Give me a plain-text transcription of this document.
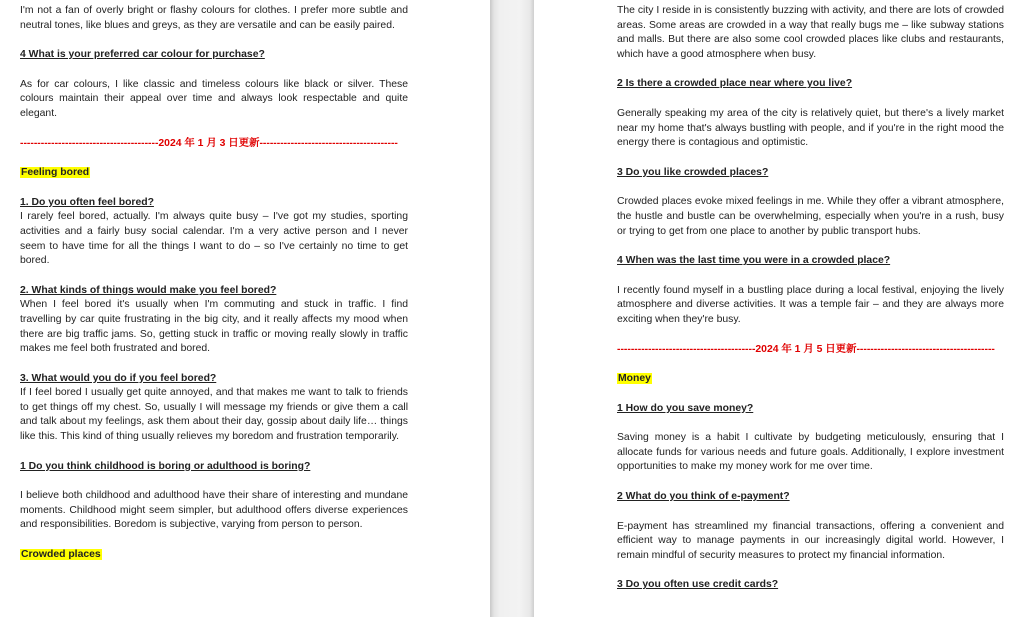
I'm not a fan of overly bright or flashy colours for clothes. I prefer more subtle and neutral tones, like blues and greys, as they are versatile and can be easily paired.

4 What is your preferred car colour for purchase?

As for car colours, I like classic and timeless colours like black or silver. These colours maintain their appeal over time and always look respectable and quite elegant.

----------------------------------------2024 年 1 月 3 日更新----------------------------------------
Feeling bored

1. Do you often feel bored?

I rarely feel bored, actually. I'm always quite busy – I've got my studies, sporting activities and a fairly busy social calendar. I'm a very active person and I never seem to have time for all the things I want to do – so I've certainly no time to get bored.

2. What kinds of things would make you feel bored?

When I feel bored it's usually when I'm commuting and stuck in traffic. I find travelling by car quite frustrating in the big city, and it really affects my mood when there are big traffic jams. So, getting stuck in traffic or moving really slowly in traffic makes me feel both frustrated and bored.

3. What would you do if you feel bored?

If I feel bored I usually get quite annoyed, and that makes me want to talk to friends to get things off my chest. So, usually I will message my friends or give them a call and talk about my feelings, ask them about their day, gossip about daily life… things like this. This kind of thing usually relieves my boredom and frustration temporarily.

1 Do you think childhood is boring or adulthood is boring?

I believe both childhood and adulthood have their share of interesting and mundane moments. Childhood might seem simpler, but adulthood offers diverse experiences and responsibilities. Boredom is subjective, varying from person to person.

Crowded places

The city I reside in is consistently buzzing with activity, and there are lots of crowded areas. Some areas are crowded in a way that really bugs me – like subway stations and malls. But there are also some cool crowded places like clubs and restaurants, which have a good atmosphere when busy.

2 Is there a crowded place near where you live?

Generally speaking my area of the city is relatively quiet, but there's a lively market near my home that's always bustling with people, and if you're in the right mood the energy there is contagious and optimistic.

3 Do you like crowded places?

Crowded places evoke mixed feelings in me. While they offer a vibrant atmosphere, the hustle and bustle can be overwhelming, especially when you're in a rush, busy or trying to get from one place to another by public transport hubs.

4 When was the last time you were in a crowded place?

I recently found myself in a bustling place during a local festival, enjoying the lively atmosphere and diverse activities. It was a temple fair – and they are always more exciting when they're busy.

----------------------------------------2024 年 1 月 5 日更新----------------------------------------
Money

1 How do you save money?

Saving money is a habit I cultivate by budgeting meticulously, ensuring that I allocate funds for various needs and future goals. Additionally, I explore investment opportunities to make my money work for me over time.

2 What do you think of e-payment?

E-payment has streamlined my financial transactions, offering a convenient and efficient way to manage payments in our increasingly digital world. However, I remain mindful of security measures to protect my financial information.

3 Do you often use credit cards?
